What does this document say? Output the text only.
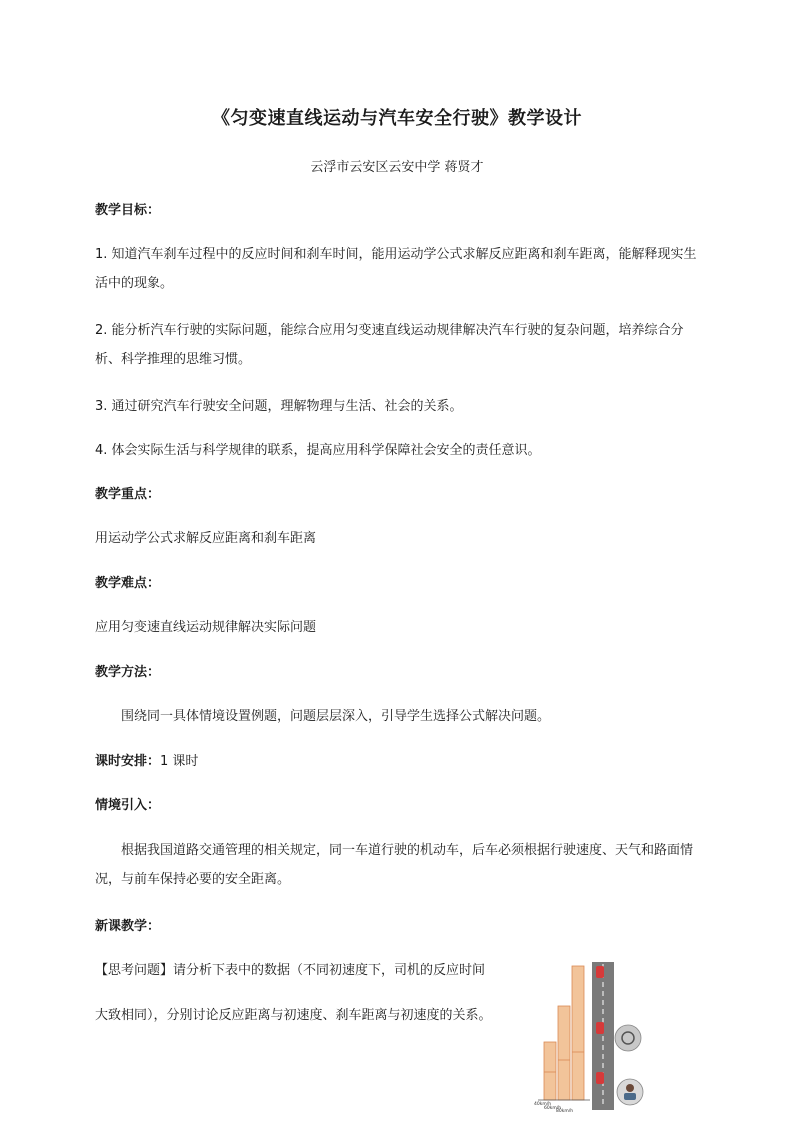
《匀变速直线运动与汽车安全行驶》教学设计
云浮市云安区云安中学 蒋贤才
教学目标：
1. 知道汽车刹车过程中的反应时间和刹车时间，能用运动学公式求解反应距离和刹车距离，能解释现实生活中的现象。
2. 能分析汽车行驶的实际问题，能综合应用匀变速直线运动规律解决汽车行驶的复杂问题，培养综合分析、科学推理的思维习惯。
3. 通过研究汽车行驶安全问题，理解物理与生活、社会的关系。
4. 体会实际生活与科学规律的联系，提高应用科学保障社会安全的责任意识。
教学重点：
用运动学公式求解反应距离和刹车距离
教学难点：
应用匀变速直线运动规律解决实际问题
教学方法：
围绕同一具体情境设置例题，问题层层深入，引导学生选择公式解决问题。
课时安排：1 课时
情境引入：
根据我国道路交通管理的相关规定，同一车道行驶的机动车，后车必须根据行驶速度、天气和路面情况，与前车保持必要的安全距离。
新课教学：
【思考问题】请分析下表中的数据（不同初速度下，司机的反应时间
大致相同），分别讨论反应距离与初速度、刹车距离与初速度的关系。
40km/h
60km/h
80km/h
